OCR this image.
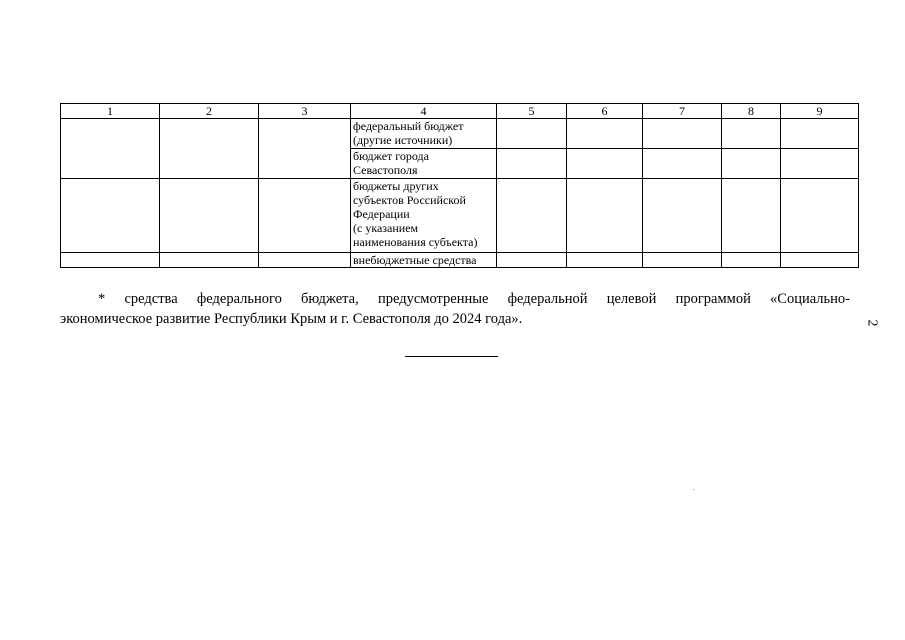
1	2	3	4	5	6	7	8	9

			федеральный бюджет
(другие источники)					

			бюджет города
Севастополя					

			бюджеты других
субъектов Российской
Федерации
(с указанием
наименования субъекта)					

			внебюджетные средства					

* средства федерального бюджета, предусмотренные федеральной целевой программой «Социально-
экономическое развитие Республики Крым и г. Севастополя до 2024 года».	2
